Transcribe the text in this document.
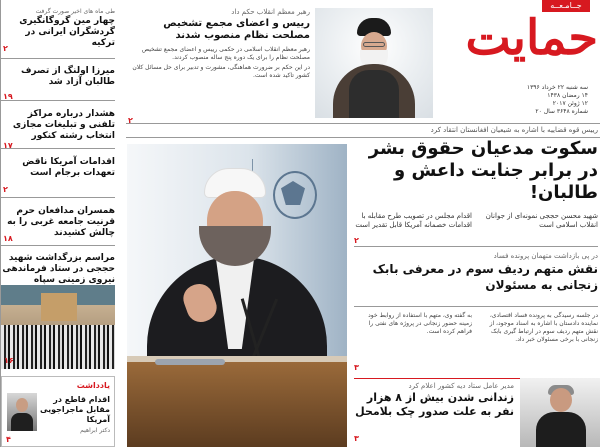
طی ماه های اخیر صورت گرفت
چهار مین گروگانگیری گردشگران ایرانی در ترکیه
۲
میرزا اولنگ از تصرف طالبان آزاد شد
۱۹
هشدار درباره مراکز تلفنی و تبلیغات مجازی انتخاب رشته کنکور
۱۷
اقدامات آمریکا ناقض تعهدات برجام است
۲
همسران مدافعان حرم قرنیت جامعه غربی را به چالش کشیدند
۱۸
مراسم بزرگداشت شهید حججی در ستاد فرماندهی نیروی زمینی سپاه
۱۶
یادداشت
اقدام قاطع در مقابل ماجراجویی آمریکا
دکتر ابراهیم
۴
رهبر معظم انقلاب حکم داد
رییس و اعضای مجمع تشخیص مصلحت نظام منصوب شدند
رهبر معظم انقلاب اسلامی در حکمی رییس و اعضای مجمع تشخیص مصلحت نظام را برای یک دوره پنج ساله منصوب کردند.
در این حکم بر ضرورت هماهنگی، مشورت و تدبیر برای حل مسائل کلان کشور تاکید شده است.
۲
جــامـعــه
حمایت
سه شنبه ۲۲ خرداد ۱۳۹۶
۱۴ رمضان ۱۴۳۸
۱۲ ژوئن ۲۰۱۷
شماره ۳۶۴۸ سال ۲۰
رییس قوه قضاییه با اشاره به شیعیان افغانستان انتقاد کرد
سکوت مدعیان حقوق بشر
در برابر جنایت داعش و طالبان!
شهید محسن حججی نمونه‌ای از جوانان انقلاب اسلامی است
اقدام مجلس در تصویب طرح مقابله با اقدامات خصمانه آمریکا قابل تقدیر است
۲
در پی بازداشت متهمان پرونده فساد
نقش متهم ردیف سوم در معرفی بابک زنجانی به مسئولان
در جلسه رسیدگی به پرونده فساد اقتصادی، نماینده دادستان با اشاره به اسناد موجود، از نقش متهم ردیف سوم در ارتباط گیری بابک زنجانی با برخی مسئولان خبر داد.
به گفته وی، متهم با استفاده از روابط خود زمینه حضور زنجانی در پروژه های نفتی را فراهم کرده است.
۳
مدیر عامل ستاد دیه کشور اعلام کرد
زندانی شدن بیش از ۸ هزار نفر به علت صدور چک بلامحل
۳
